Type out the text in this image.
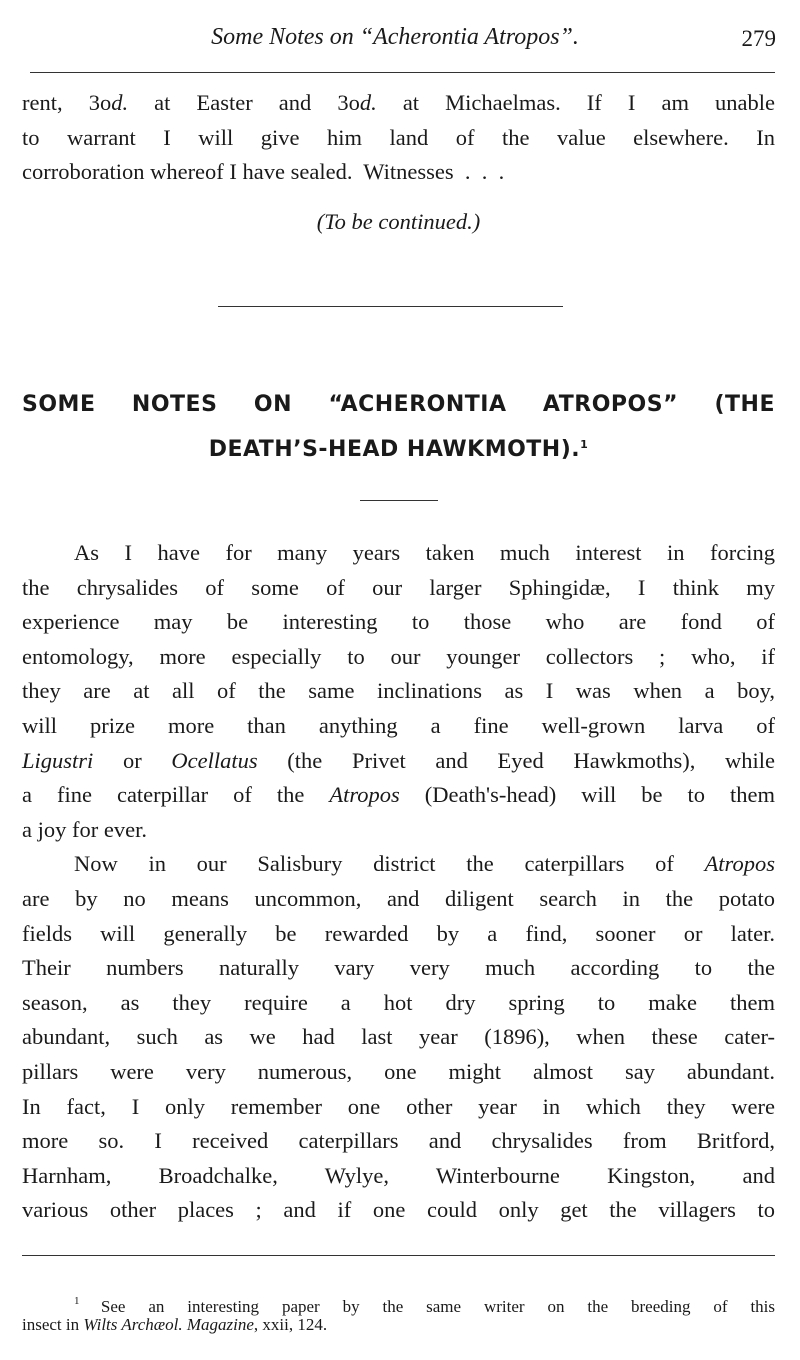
Some Notes on “Acherontia Atropos”.	279
rent, 3od. at Easter and 3od. at Michaelmas. If I am unable
to warrant I will give him land of the value elsewhere. In
corroboration whereof I have sealed.  Witnesses  .  .  .
(To be continued.)
SOME NOTES ON “ACHERONTIA ATROPOS” (THE
DEATH’S-HEAD HAWKMOTH).$^1$
As I have for many years taken much interest in forcing
the chrysalides of some of our larger Sphingidæ, I think my
experience may be interesting to those who are fond of
entomology, more especially to our younger collectors ; who, if
they are at all of the same inclinations as I was when a boy,
will prize more than anything a fine well-grown larva of
Ligustri or Ocellatus (the Privet and Eyed Hawkmoths), while
a fine caterpillar of the Atropos (Death's-head) will be to them
a joy for ever.
Now in our Salisbury district the caterpillars of Atropos
are by no means uncommon, and diligent search in the potato
fields will generally be rewarded by a find, sooner or later.
Their numbers naturally vary very much according to the
season, as they require a hot dry spring to make them
abundant, such as we had last year (1896), when these cater-
pillars were very numerous, one might almost say abundant.
In fact, I only remember one other year in which they were
more so. I received caterpillars and chrysalides from Britford,
Harnham, Broadchalke, Wylye, Winterbourne Kingston, and
various other places ; and if one could only get the villagers to
$^1$ See an interesting paper by the same writer on the breeding of this
insect in Wilts Archæol. Magazine, xxii, 124.
